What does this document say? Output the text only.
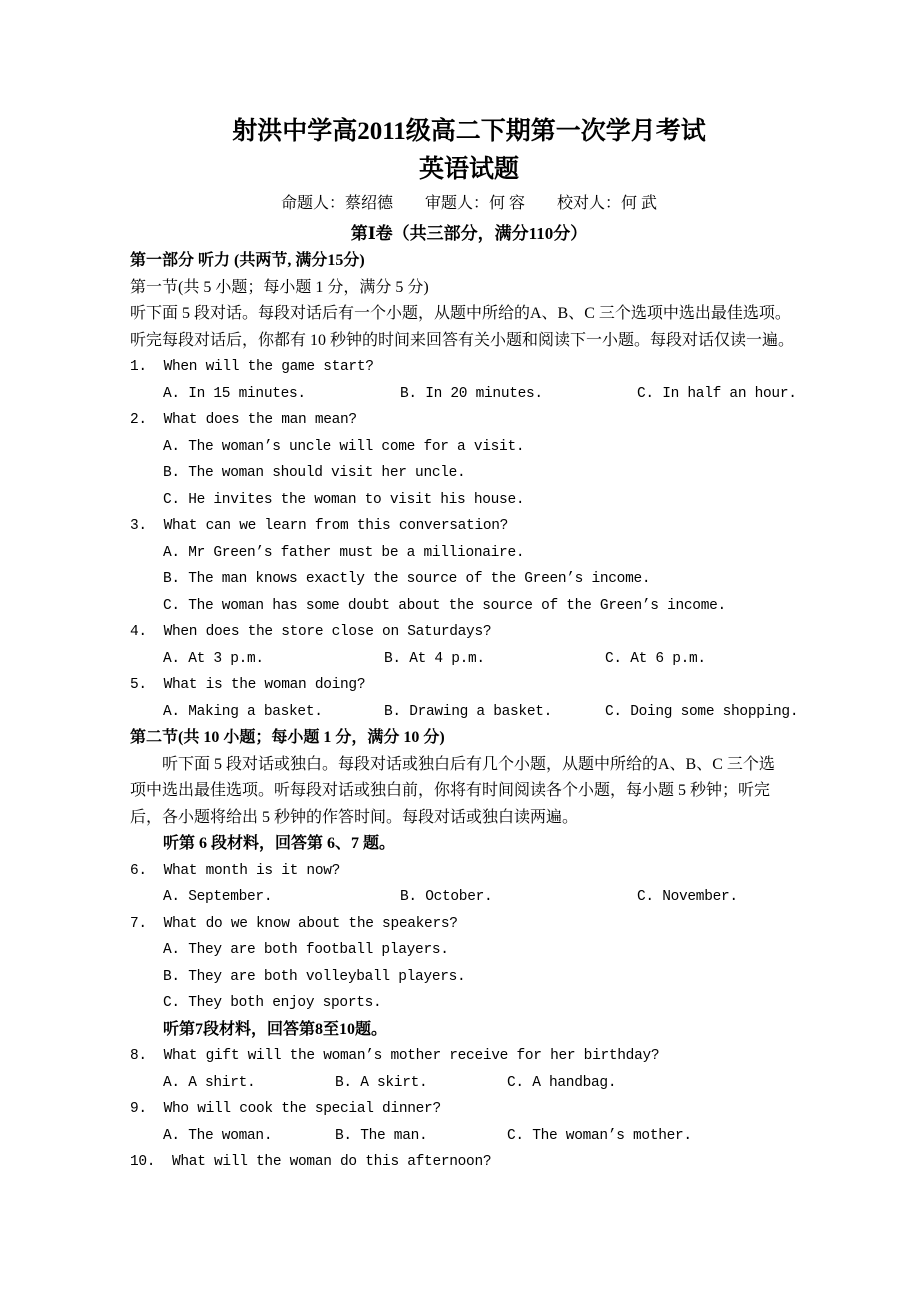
射洪中学高2011级高二下期第一次学月考试
英语试题
命题人：蔡绍德　　审题人：何 容　　校对人：何 武
第Ⅰ卷（共三部分，满分110分）
第一部分 听力 (共两节, 满分15分)
第一节(共 5 小题；每小题 1 分，满分 5 分)
听下面 5 段对话。每段对话后有一个小题，从题中所给的A、B、C 三个选项中选出最佳选项。
听完每段对话后，你都有 10 秒钟的时间来回答有关小题和阅读下一小题。每段对话仅读一遍。
1.  When will the game start?
A. In 15 minutes.	B. In 20 minutes.	C. In half an hour.
2.  What does the man mean?
A. The woman’s uncle will come for a visit.
B. The woman should visit her uncle.
C. He invites the woman to visit his house.
3.  What can we learn from this conversation?
A. Mr Green’s father must be a millionaire.
B. The man knows exactly the source of the Green’s income.
C. The woman has some doubt about the source of the Green’s income.
4.  When does the store close on Saturdays?
A. At 3 p.m.	B. At 4 p.m.	C. At 6 p.m.
5.  What is the woman doing?
A. Making a basket.	B. Drawing a basket.	C. Doing some shopping.
第二节(共 10 小题；每小题 1 分，满分 10 分)
听下面 5 段对话或独白。每段对话或独白后有几个小题，从题中所给的A、B、C 三个选
项中选出最佳选项。听每段对话或独白前，你将有时间阅读各个小题，每小题 5 秒钟；听完
后，各小题将给出 5 秒钟的作答时间。每段对话或独白读两遍。
听第 6 段材料，回答第 6、7 题。
6.  What month is it now?
A. September.	B. October.	C. November.
7.  What do we know about the speakers?
A. They are both football players.
B. They are both volleyball players.
C. They both enjoy sports.
听第7段材料，回答第8至10题。
8.  What gift will the woman’s mother receive for her birthday?
A. A shirt.	B. A skirt.	C. A handbag.
9.  Who will cook the special dinner?
A. The woman.	B. The man.	C. The woman’s mother.
10.  What will the woman do this afternoon?
